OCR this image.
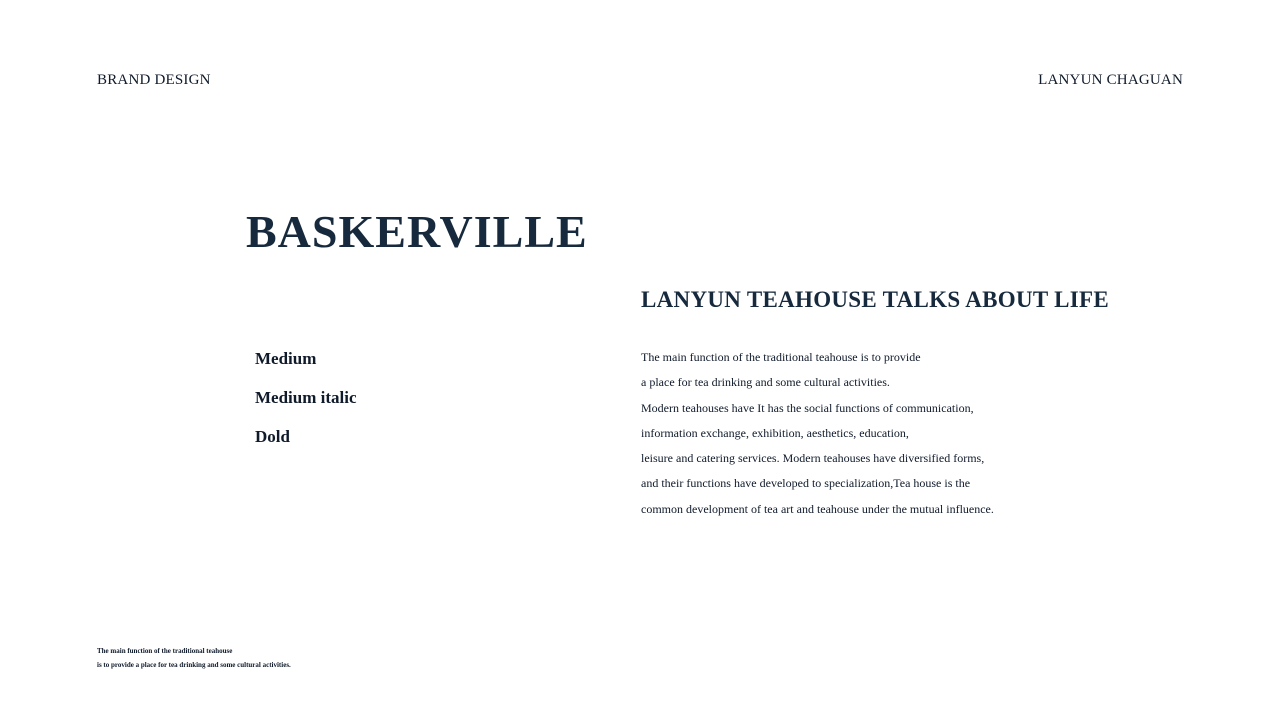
BRAND DESIGN	LANYUN CHAGUAN
BASKERVILLE
Medium
Medium italic
Dold
LANYUN TEAHOUSE TALKS ABOUT LIFE
The main function of the traditional teahouse is to provide
a place for tea drinking and some cultural activities.
Modern teahouses have It has the social functions of communication,
information exchange, exhibition, aesthetics, education,
leisure and catering services. Modern teahouses have diversified forms,
and their functions have developed to specialization,Tea house is the
common development of tea art and teahouse under the mutual influence.
The main function of the traditional teahouse
is to provide a place for tea drinking and some cultural activities.
